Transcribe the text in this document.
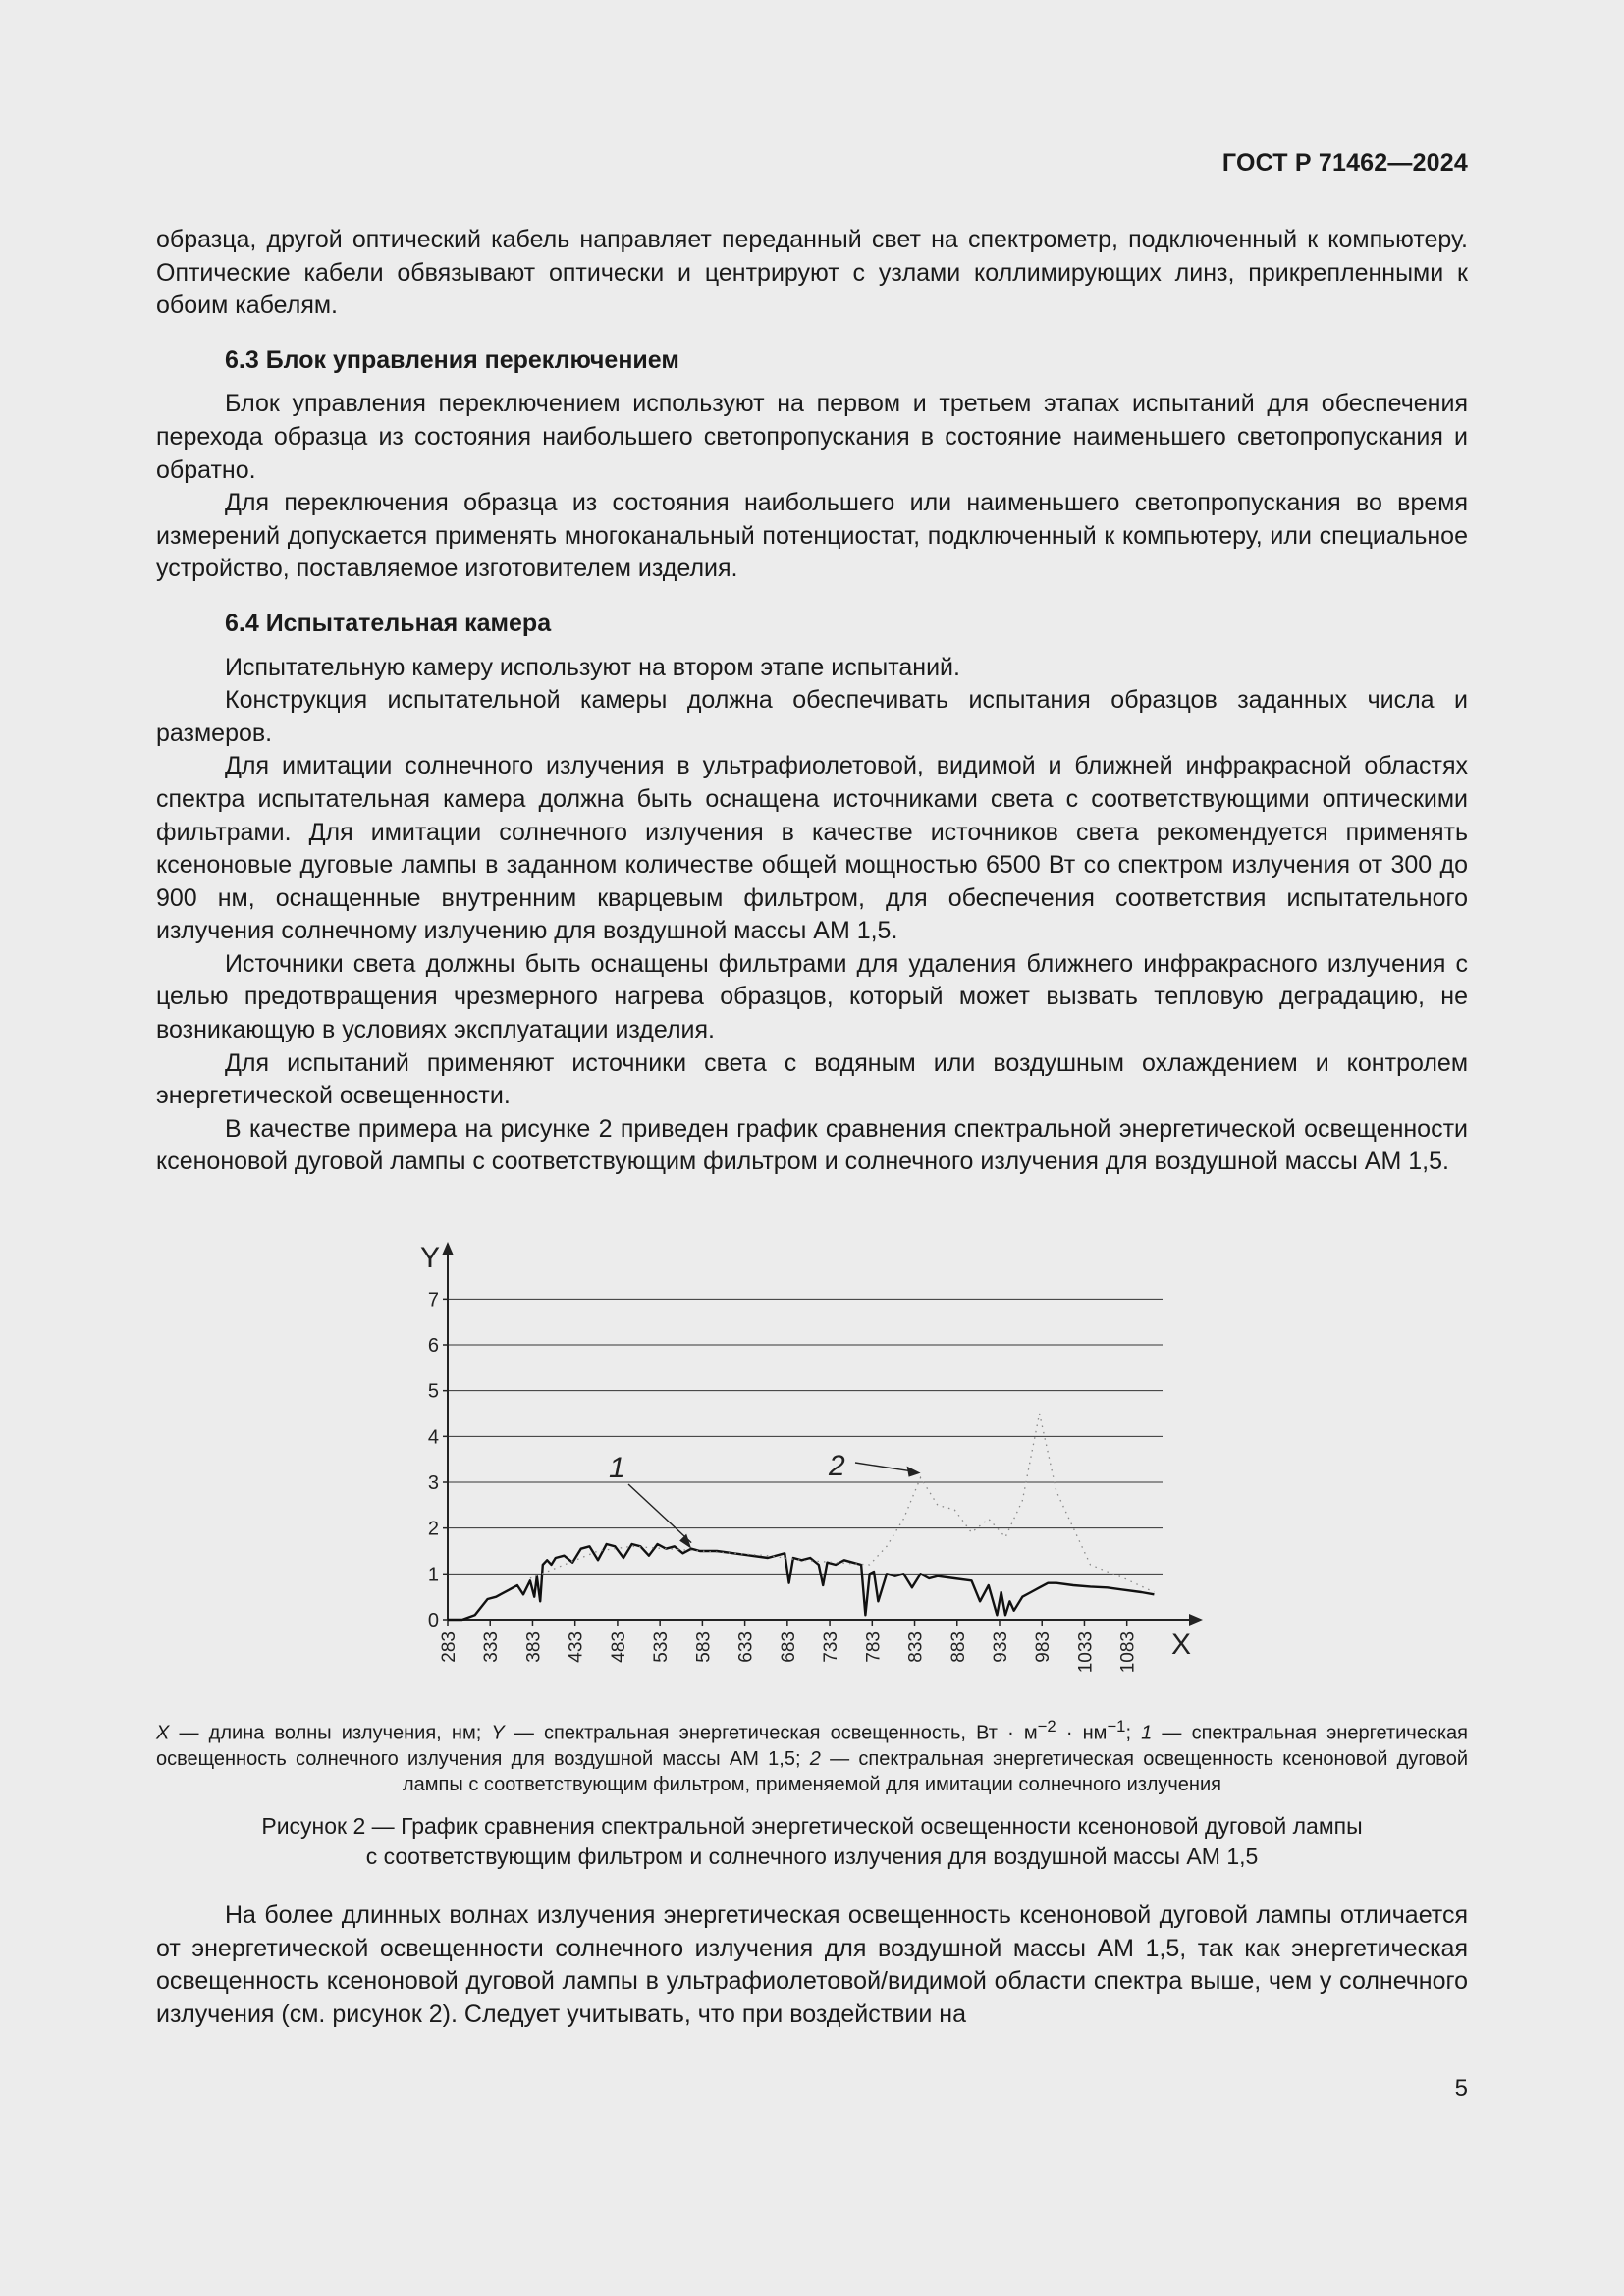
ГОСТ Р 71462—2024

образца, другой оптический кабель направляет переданный свет на спектрометр, подключенный к компьютеру. Оптические кабели обвязывают оптически и центрируют с узлами коллимирующих линз, прикрепленными к обоим кабелям.

6.3 Блок управления переключением

Блок управления переключением используют на первом и третьем этапах испытаний для обеспечения перехода образца из состояния наибольшего светопропускания в состояние наименьшего светопропускания и обратно.

Для переключения образца из состояния наибольшего или наименьшего светопропускания во время измерений допускается применять многоканальный потенциостат, подключенный к компьютеру, или специальное устройство, поставляемое изготовителем изделия.

6.4 Испытательная камера

Испытательную камеру используют на втором этапе испытаний.

Конструкция испытательной камеры должна обеспечивать испытания образцов заданных числа и размеров.

Для имитации солнечного излучения в ультрафиолетовой, видимой и ближней инфракрасной областях спектра испытательная камера должна быть оснащена источниками света с соответствующими оптическими фильтрами. Для имитации солнечного излучения в качестве источников света рекомендуется применять ксеноновые дуговые лампы в заданном количестве общей мощностью 6500 Вт со спектром излучения от 300 до 900 нм, оснащенные внутренним кварцевым фильтром, для обеспечения соответствия испытательного излучения солнечному излучению для воздушной массы АМ 1,5.

Источники света должны быть оснащены фильтрами для удаления ближнего инфракрасного излучения с целью предотвращения чрезмерного нагрева образцов, который может вызвать тепловую деградацию, не возникающую в условиях эксплуатации изделия.

Для испытаний применяют источники света с водяным или воздушным охлаждением и контролем энергетической освещенности.

В качестве примера на рисунке 2 приведен график сравнения спектральной энергетической освещенности ксеноновой дуговой лампы с соответствующим фильтром и солнечного излучения для воздушной массы АМ 1,5.

0
1
2
3
4
5
6
7
Y
X
283 333 383 433 483 533 583 633 683 733 783 833 883 933 983 1033 1083
1	2
X — длина волны излучения, нм; Y — спектральная энергетическая освещенность, Вт · $м^{-2} \cdot нм^{-1}$; 1 — спектральная энергетическая освещенность солнечного излучения для воздушной массы АМ 1,5; 2 — спектральная энергетическая освещенность ксеноновой дуговой лампы с соответствующим фильтром, применяемой для имитации солнечного излучения
Рисунок 2 — График сравнения спектральной энергетической освещенности ксеноновой дуговой лампы
с соответствующим фильтром и солнечного излучения для воздушной массы АМ 1,5

На более длинных волнах излучения энергетическая освещенность ксеноновой дуговой лампы отличается от энергетической освещенности солнечного излучения для воздушной массы АМ 1,5, так как энергетическая освещенность ксеноновой дуговой лампы в ультрафиолетовой/видимой области спектра выше, чем у солнечного излучения (см. рисунок 2). Следует учитывать, что при воздействии на

5
